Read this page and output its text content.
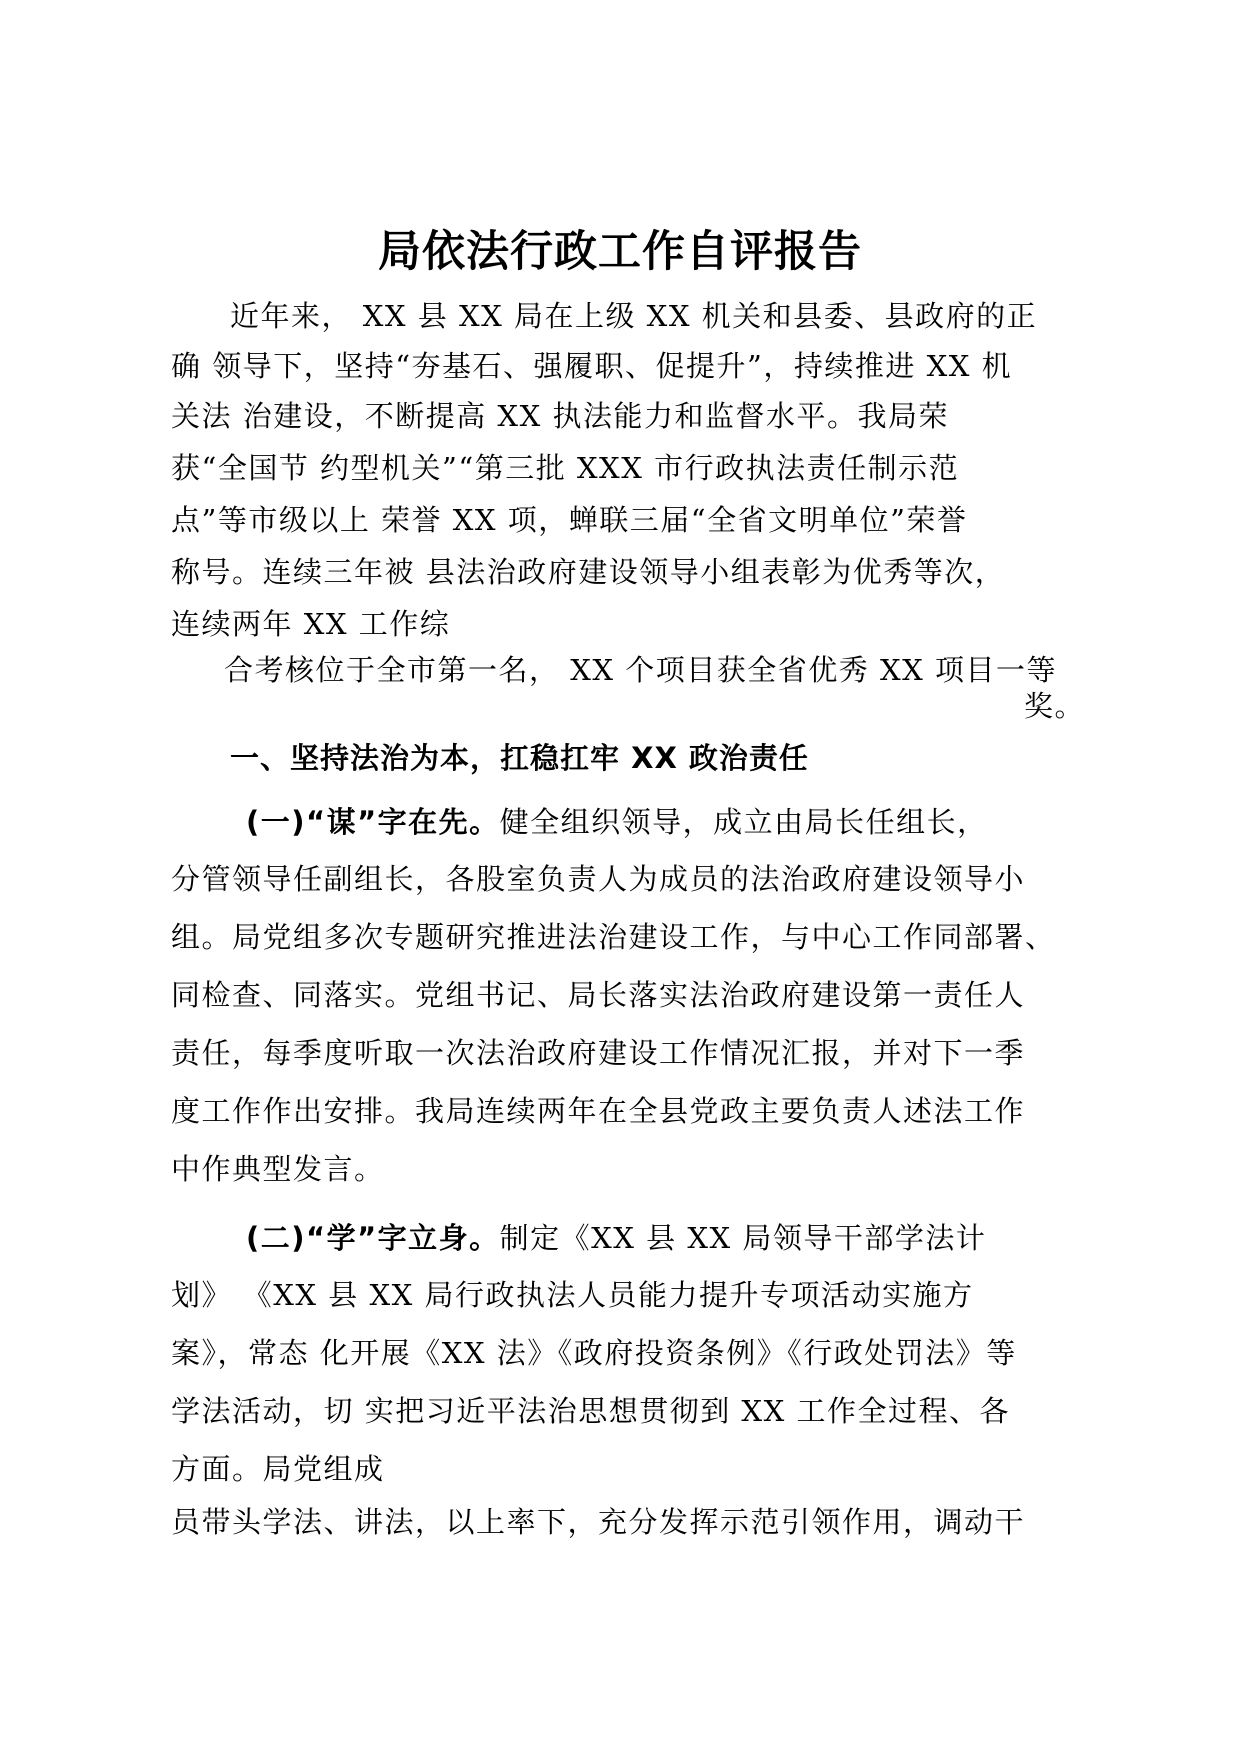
局依法行政工作自评报告
近年来， XX 县 XX 局在上级 XX 机关和县委、县政府的正
确 领导下，坚持“夯基石、强履职、促提升”，持续推进 XX 机
关法 治建设，不断提高 XX 执法能力和监督水平。我局荣
获“全国节 约型机关”“第三批 XXX 市行政执法责任制示范
点”等市级以上 荣誉 XX 项，蝉联三届“全省文明单位”荣誉
称号。连续三年被 县法治政府建设领导小组表彰为优秀等次，
连续两年 XX 工作综
合考核位于全市第一名， XX 个项目获全省优秀 XX 项目一等
奖。
一、坚持法治为本，扛稳扛牢 XX 政治责任
(一)“谋”字在先。健全组织领导，成立由局长任组长，
分管领导任副组长，各股室负责人为成员的法治政府建设领导小
组。局党组多次专题研究推进法治建设工作，与中心工作同部署、
同检查、同落实。党组书记、局长落实法治政府建设第一责任人
责任，每季度听取一次法治政府建设工作情况汇报，并对下一季
度工作作出安排。我局连续两年在全县党政主要负责人述法工作
中作典型发言。
(二)“学”字立身。制定《XX 县 XX 局领导干部学法计
划》 《XX 县 XX 局行政执法人员能力提升专项活动实施方
案》，常态 化开展《XX 法》《政府投资条例》《行政处罚法》等
学法活动，切 实把习近平法治思想贯彻到 XX 工作全过程、各
方面。局党组成
员带头学法、讲法，以上率下，充分发挥示范引领作用，调动干
